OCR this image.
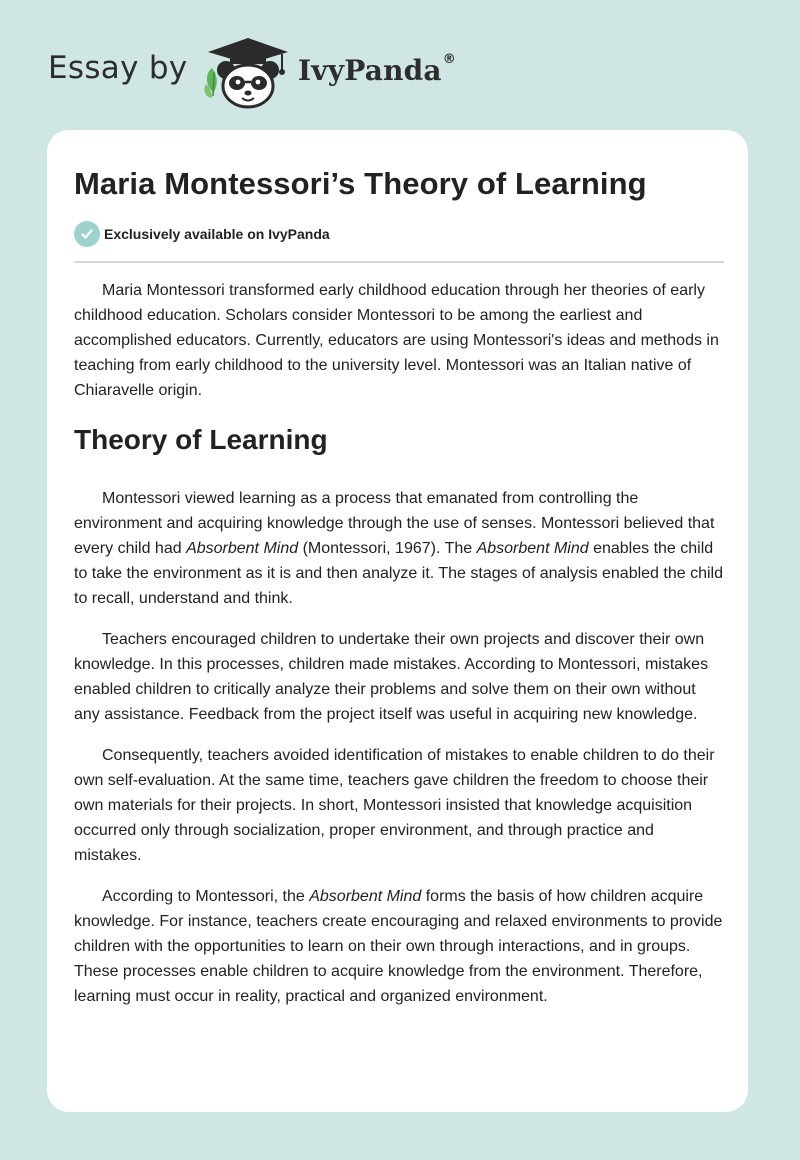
Essay by	IvyPanda®
Maria Montessori’s Theory of Learning
Exclusively available on IvyPanda

Maria Montessori transformed early childhood education through her theories of early childhood education. Scholars consider Montessori to be among the earliest and accomplished educators. Currently, educators are using Montessori's ideas and methods in teaching from early childhood to the university level. Montessori was an Italian native of Chiaravelle origin.

Theory of Learning

Montessori viewed learning as a process that emanated from controlling the environment and acquiring knowledge through the use of senses. Montessori believed that every child had Absorbent Mind (Montessori, 1967). The Absorbent Mind enables the child to take the environment as it is and then analyze it. The stages of analysis enabled the child to recall, understand and think.

Teachers encouraged children to undertake their own projects and discover their own knowledge. In this processes, children made mistakes. According to Montessori, mistakes enabled children to critically analyze their problems and solve them on their own without any assistance. Feedback from the project itself was useful in acquiring new knowledge.

Consequently, teachers avoided identification of mistakes to enable children to do their own self-evaluation. At the same time, teachers gave children the freedom to choose their own materials for their projects. In short, Montessori insisted that knowledge acquisition occurred only through socialization, proper environment, and through practice and mistakes.

According to Montessori, the Absorbent Mind forms the basis of how children acquire knowledge. For instance, teachers create encouraging and relaxed environments to provide children with the opportunities to learn on their own through interactions, and in groups. These processes enable children to acquire knowledge from the environment. Therefore, learning must occur in reality, practical and organized environment.
